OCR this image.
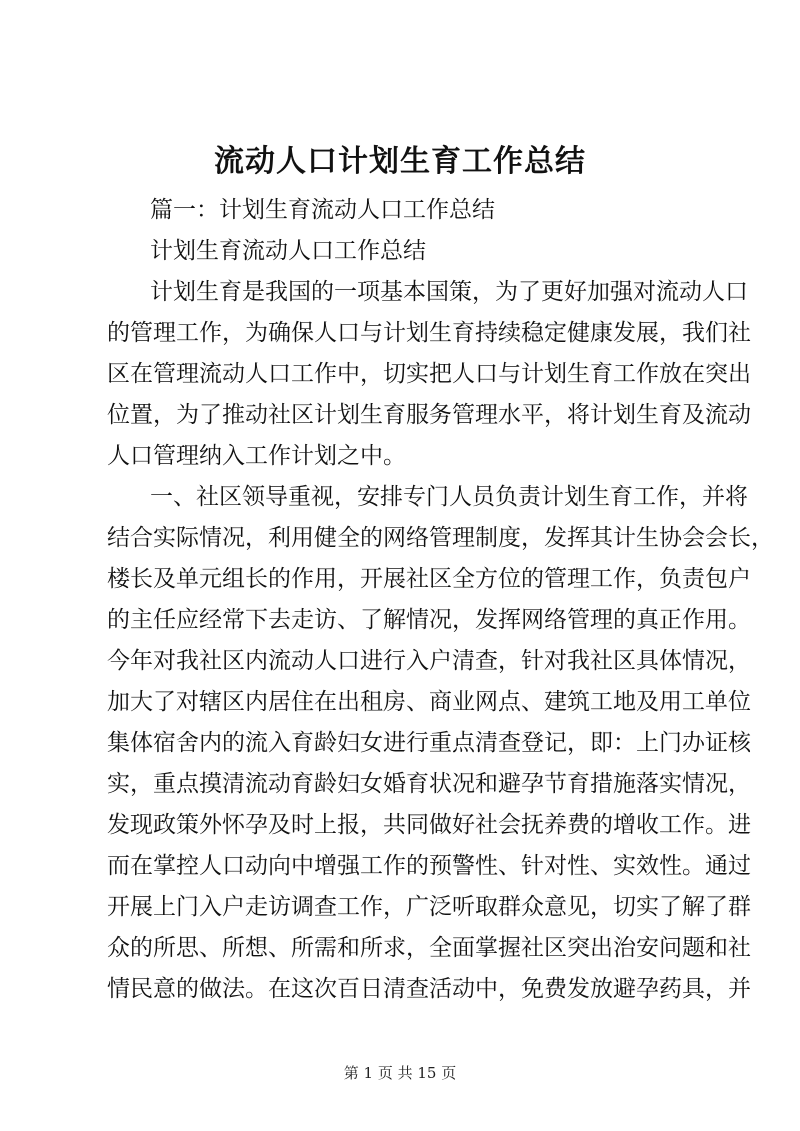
流动人口计划生育工作总结
篇一：计划生育流动人口工作总结
计划生育流动人口工作总结
计划生育是我国的一项基本国策，为了更好加强对流动人口
的管理工作，为确保人口与计划生育持续稳定健康发展，我们社
区在管理流动人口工作中，切实把人口与计划生育工作放在突出
位置，为了推动社区计划生育服务管理水平，将计划生育及流动
人口管理纳入工作计划之中。
一、社区领导重视，安排专门人员负责计划生育工作，并将
结合实际情况，利用健全的网络管理制度，发挥其计生协会会长，
楼长及单元组长的作用，开展社区全方位的管理工作，负责包户
的主任应经常下去走访、了解情况，发挥网络管理的真正作用。
今年对我社区内流动人口进行入户清查，针对我社区具体情况，
加大了对辖区内居住在出租房、商业网点、建筑工地及用工单位
集体宿舍内的流入育龄妇女进行重点清查登记，即：上门办证核
实，重点摸清流动育龄妇女婚育状况和避孕节育措施落实情况，
发现政策外怀孕及时上报，共同做好社会抚养费的增收工作。进
而在掌控人口动向中增强工作的预警性、针对性、实效性。通过
开展上门入户走访调查工作，广泛听取群众意见，切实了解了群
众的所思、所想、所需和所求，全面掌握社区突出治安问题和社
情民意的做法。在这次百日清查活动中，免费发放避孕药具，并
第 1 页 共 15 页
